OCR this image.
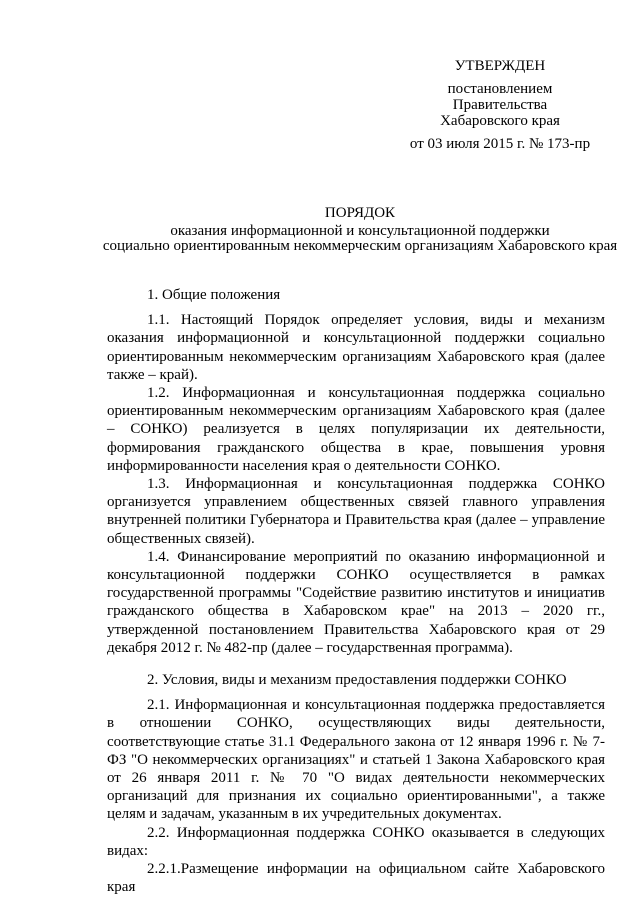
УТВЕРЖДЕН
постановлением
Правительства
Хабаровского края
от 03 июля 2015 г. № 173-пр
ПОРЯДОК
оказания информационной и консультационной поддержки
социально ориентированным некоммерческим организациям Хабаровского края
1. Общие положения

1.1. Настоящий Порядок определяет условия, виды и механизм оказания информационной и консультационной поддержки социально ориентированным некоммерческим организациям Хабаровского края (далее также – край).

1.2. Информационная и консультационная поддержка социально ориентированным некоммерческим организациям Хабаровского края (далее – СОНКО) реализуется в целях популяризации их деятельности, формирования гражданского общества в крае, повышения уровня информированности населения края о деятельности СОНКО.

1.3. Информационная и консультационная поддержка СОНКО организуется управлением общественных связей главного управления внутренней политики Губернатора и Правительства края (далее – управление общественных связей).

1.4. Финансирование мероприятий по оказанию информационной и консультационной поддержки СОНКО осуществляется в рамках государственной программы "Содействие развитию институтов и инициатив гражданского общества в Хабаровском крае" на 2013 – 2020 гг., утвержденной постановлением Правительства Хабаровского края от 29 декабря 2012 г. № 482-пр (далее – государственная программа).

2. Условия, виды и механизм предоставления поддержки СОНКО

2.1. Информационная и консультационная поддержка предоставляется в отношении СОНКО, осуществляющих виды деятельности, соответствующие статье 31.1 Федерального закона от 12 января 1996 г. № 7-ФЗ "О некоммерческих организациях" и статьей 1 Закона Хабаровского края от 26 января 2011 г. № 70 "О видах деятельности некоммерческих организаций для признания их социально ориентированными", а также целям и задачам, указанным в их учредительных документах.

2.2. Информационная поддержка СОНКО оказывается в следующих видах:

2.2.1.Размещение информации на официальном сайте Хабаровского края
